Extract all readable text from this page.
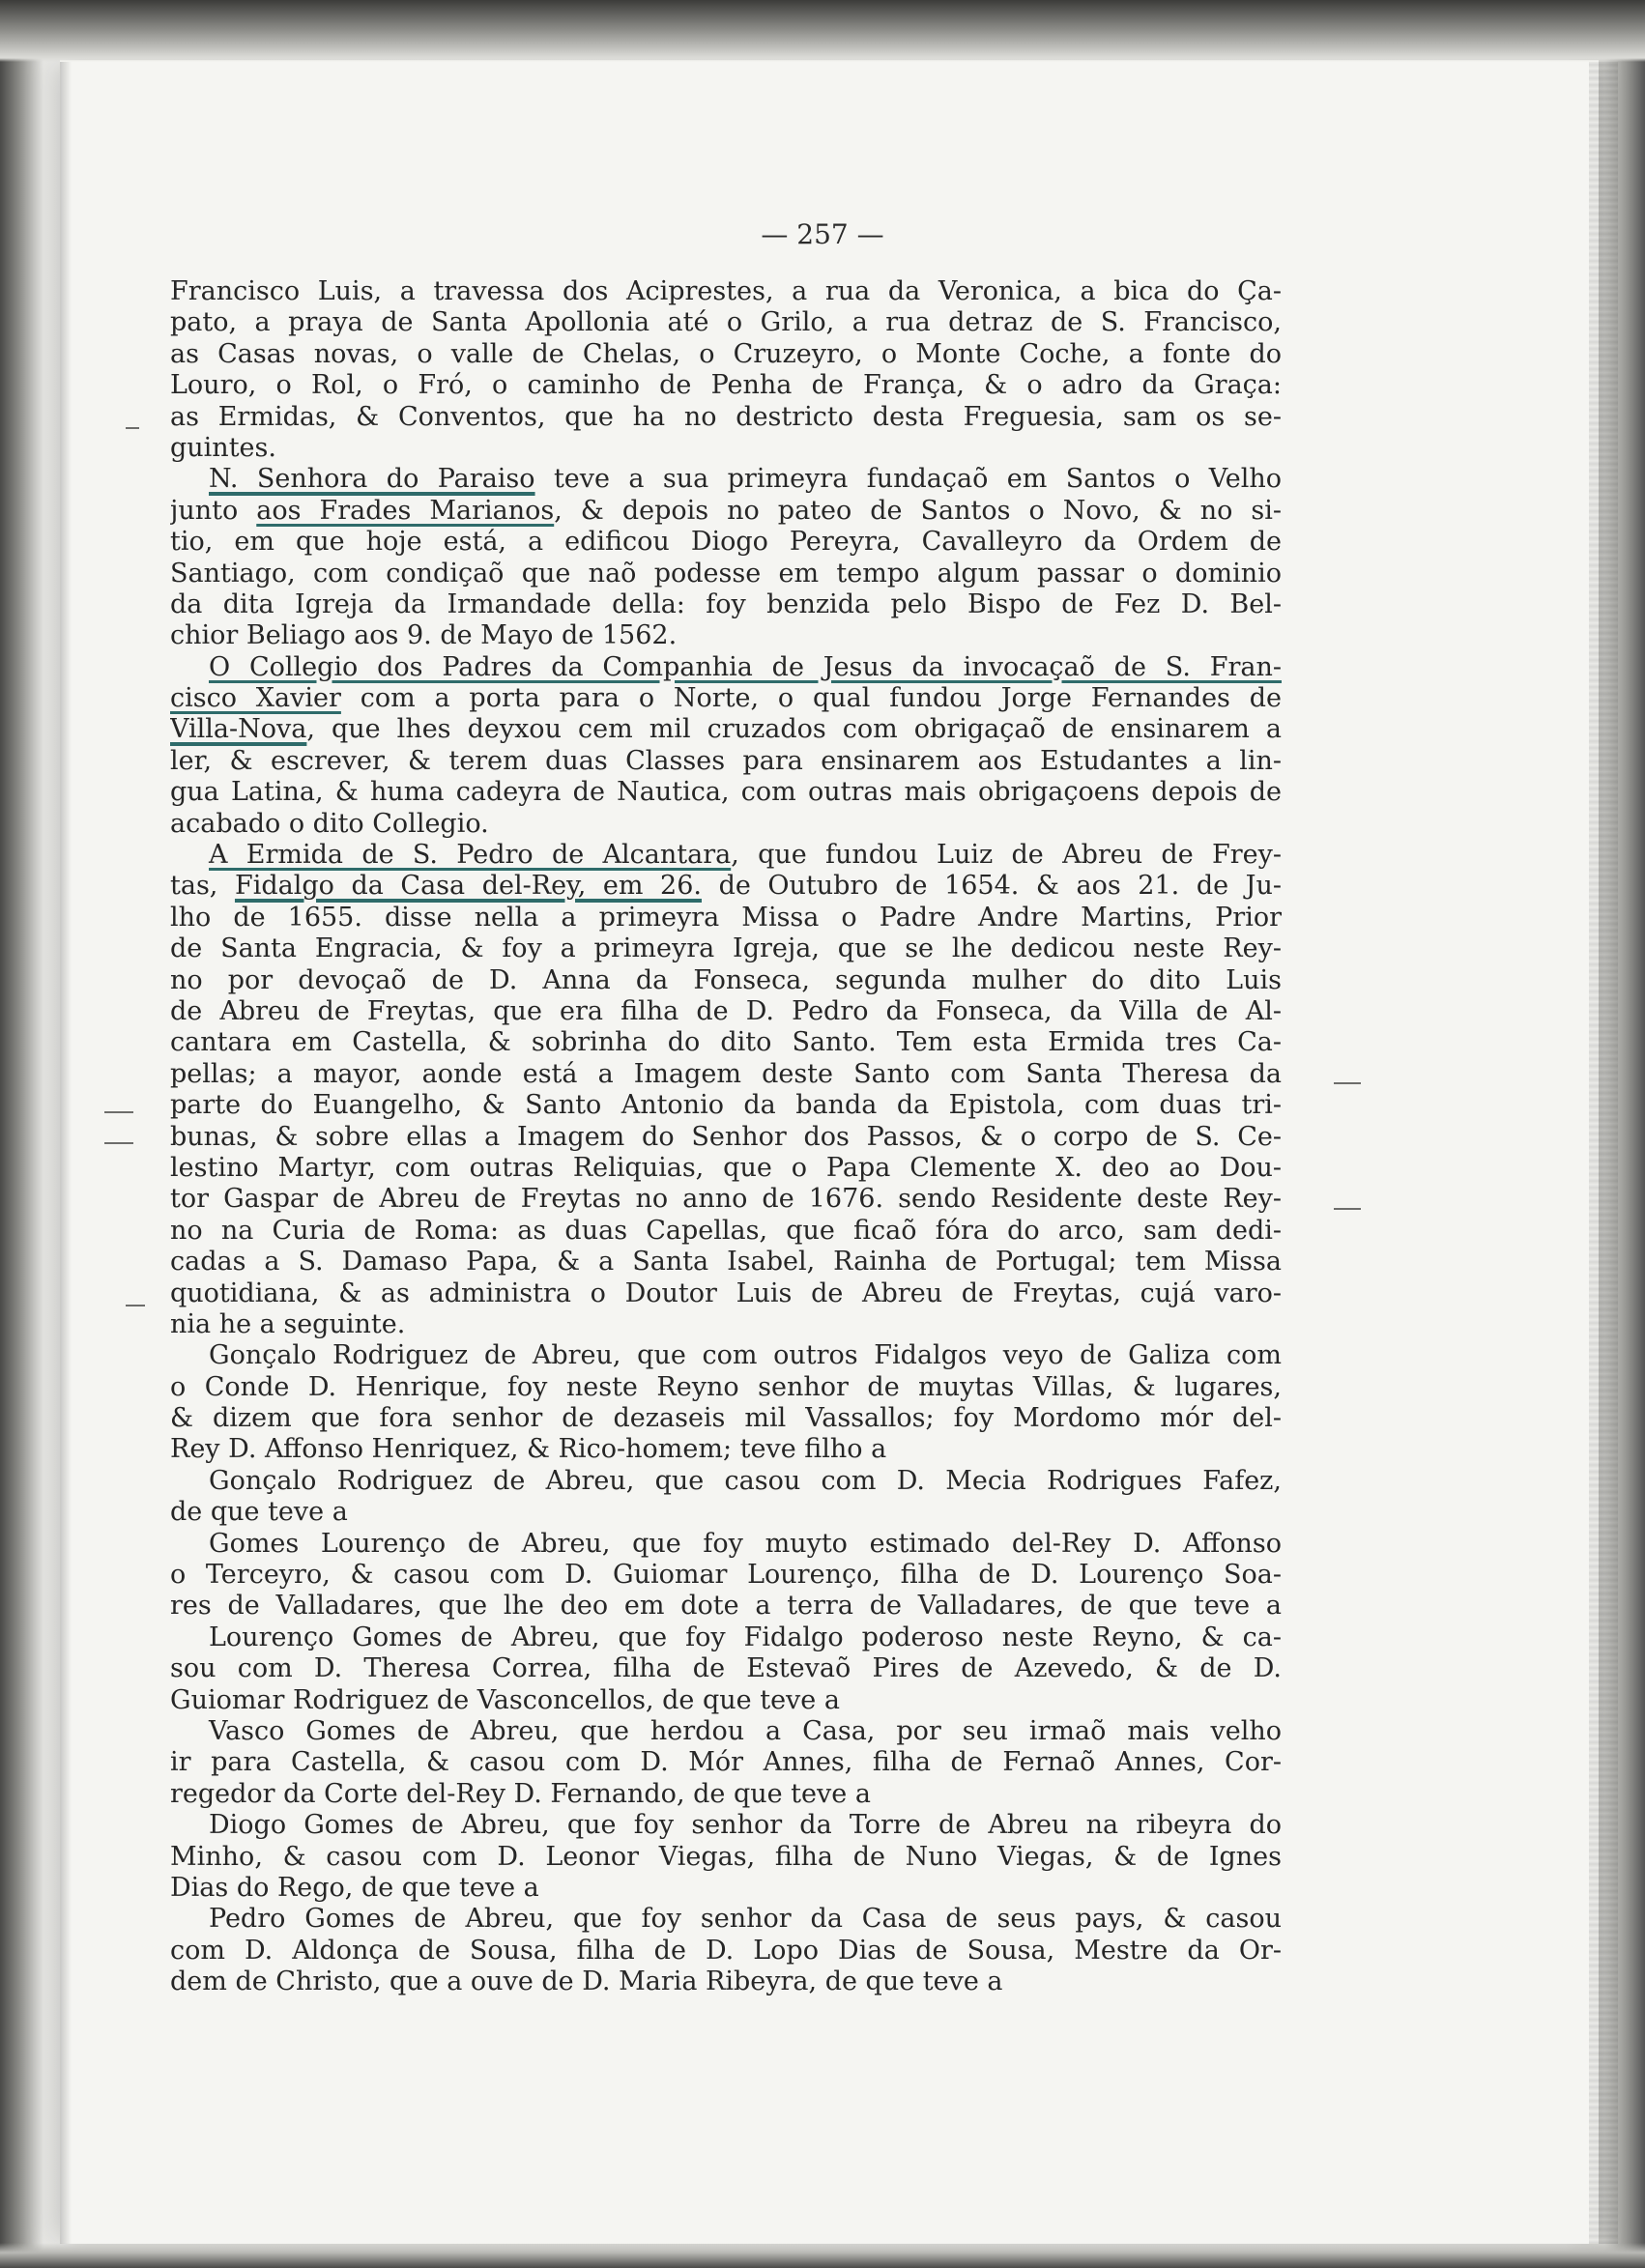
— 257 —
Francisco Luis, a travessa dos Aciprestes, a rua da Veronica, a bica do Ça-
pato, a praya de Santa Apollonia até o Grilo, a rua detraz de S. Francisco,
as Casas novas, o valle de Chelas, o Cruzeyro, o Monte Coche, a fonte do
Louro, o Rol, o Fró, o caminho de Penha de França, & o adro da Graça:
as Ermidas, & Conventos, que ha no destricto desta Freguesia, sam os se-
guintes.
N. Senhora do Paraiso teve a sua primeyra fundaçaõ em Santos o Velho
junto aos Frades Marianos, & depois no pateo de Santos o Novo, & no si-
tio, em que hoje está, a edificou Diogo Pereyra, Cavalleyro da Ordem de
Santiago, com condiçaõ que naõ podesse em tempo algum passar o dominio
da dita Igreja da Irmandade della: foy benzida pelo Bispo de Fez D. Bel-
chior Beliago aos 9. de Mayo de 1562.
O Collegio dos Padres da Companhia de Jesus da invocaçaõ de S. Fran-
cisco Xavier com a porta para o Norte, o qual fundou Jorge Fernandes de
Villa-Nova, que lhes deyxou cem mil cruzados com obrigaçaõ de ensinarem a
ler, & escrever, & terem duas Classes para ensinarem aos Estudantes a lin-
gua Latina, & huma cadeyra de Nautica, com outras mais obrigaçoens depois de
acabado o dito Collegio.
A Ermida de S. Pedro de Alcantara, que fundou Luiz de Abreu de Frey-
tas, Fidalgo da Casa del-Rey, em 26. de Outubro de 1654. & aos 21. de Ju-
lho de 1655. disse nella a primeyra Missa o Padre Andre Martins, Prior
de Santa Engracia, & foy a primeyra Igreja, que se lhe dedicou neste Rey-
no por devoçaõ de D. Anna da Fonseca, segunda mulher do dito Luis
de Abreu de Freytas, que era filha de D. Pedro da Fonseca, da Villa de Al-
cantara em Castella, & sobrinha do dito Santo. Tem esta Ermida tres Ca-
pellas; a mayor, aonde está a Imagem deste Santo com Santa Theresa da
parte do Euangelho, & Santo Antonio da banda da Epistola, com duas tri-
bunas, & sobre ellas a Imagem do Senhor dos Passos, & o corpo de S. Ce-
lestino Martyr, com outras Reliquias, que o Papa Clemente X. deo ao Dou-
tor Gaspar de Abreu de Freytas no anno de 1676. sendo Residente deste Rey-
no na Curia de Roma: as duas Capellas, que ficaõ fóra do arco, sam dedi-
cadas a S. Damaso Papa, & a Santa Isabel, Rainha de Portugal; tem Missa
quotidiana, & as administra o Doutor Luis de Abreu de Freytas, cujá varo-
nia he a seguinte.
Gonçalo Rodriguez de Abreu, que com outros Fidalgos veyo de Galiza com
o Conde D. Henrique, foy neste Reyno senhor de muytas Villas, & lugares,
& dizem que fora senhor de dezaseis mil Vassallos; foy Mordomo mór del-
Rey D. Affonso Henriquez, & Rico-homem; teve filho a
Gonçalo Rodriguez de Abreu, que casou com D. Mecia Rodrigues Fafez,
de que teve a
Gomes Lourenço de Abreu, que foy muyto estimado del-Rey D. Affonso
o Terceyro, & casou com D. Guiomar Lourenço, filha de D. Lourenço Soa-
res de Valladares, que lhe deo em dote a terra de Valladares, de que teve a
Lourenço Gomes de Abreu, que foy Fidalgo poderoso neste Reyno, & ca-
sou com D. Theresa Correa, filha de Estevaõ Pires de Azevedo, & de D.
Guiomar Rodriguez de Vasconcellos, de que teve a
Vasco Gomes de Abreu, que herdou a Casa, por seu irmaõ mais velho
ir para Castella, & casou com D. Mór Annes, filha de Fernaõ Annes, Cor-
regedor da Corte del-Rey D. Fernando, de que teve a
Diogo Gomes de Abreu, que foy senhor da Torre de Abreu na ribeyra do
Minho, & casou com D. Leonor Viegas, filha de Nuno Viegas, & de Ignes
Dias do Rego, de que teve a
Pedro Gomes de Abreu, que foy senhor da Casa de seus pays, & casou
com D. Aldonça de Sousa, filha de D. Lopo Dias de Sousa, Mestre da Or-
dem de Christo, que a ouve de D. Maria Ribeyra, de que teve a
